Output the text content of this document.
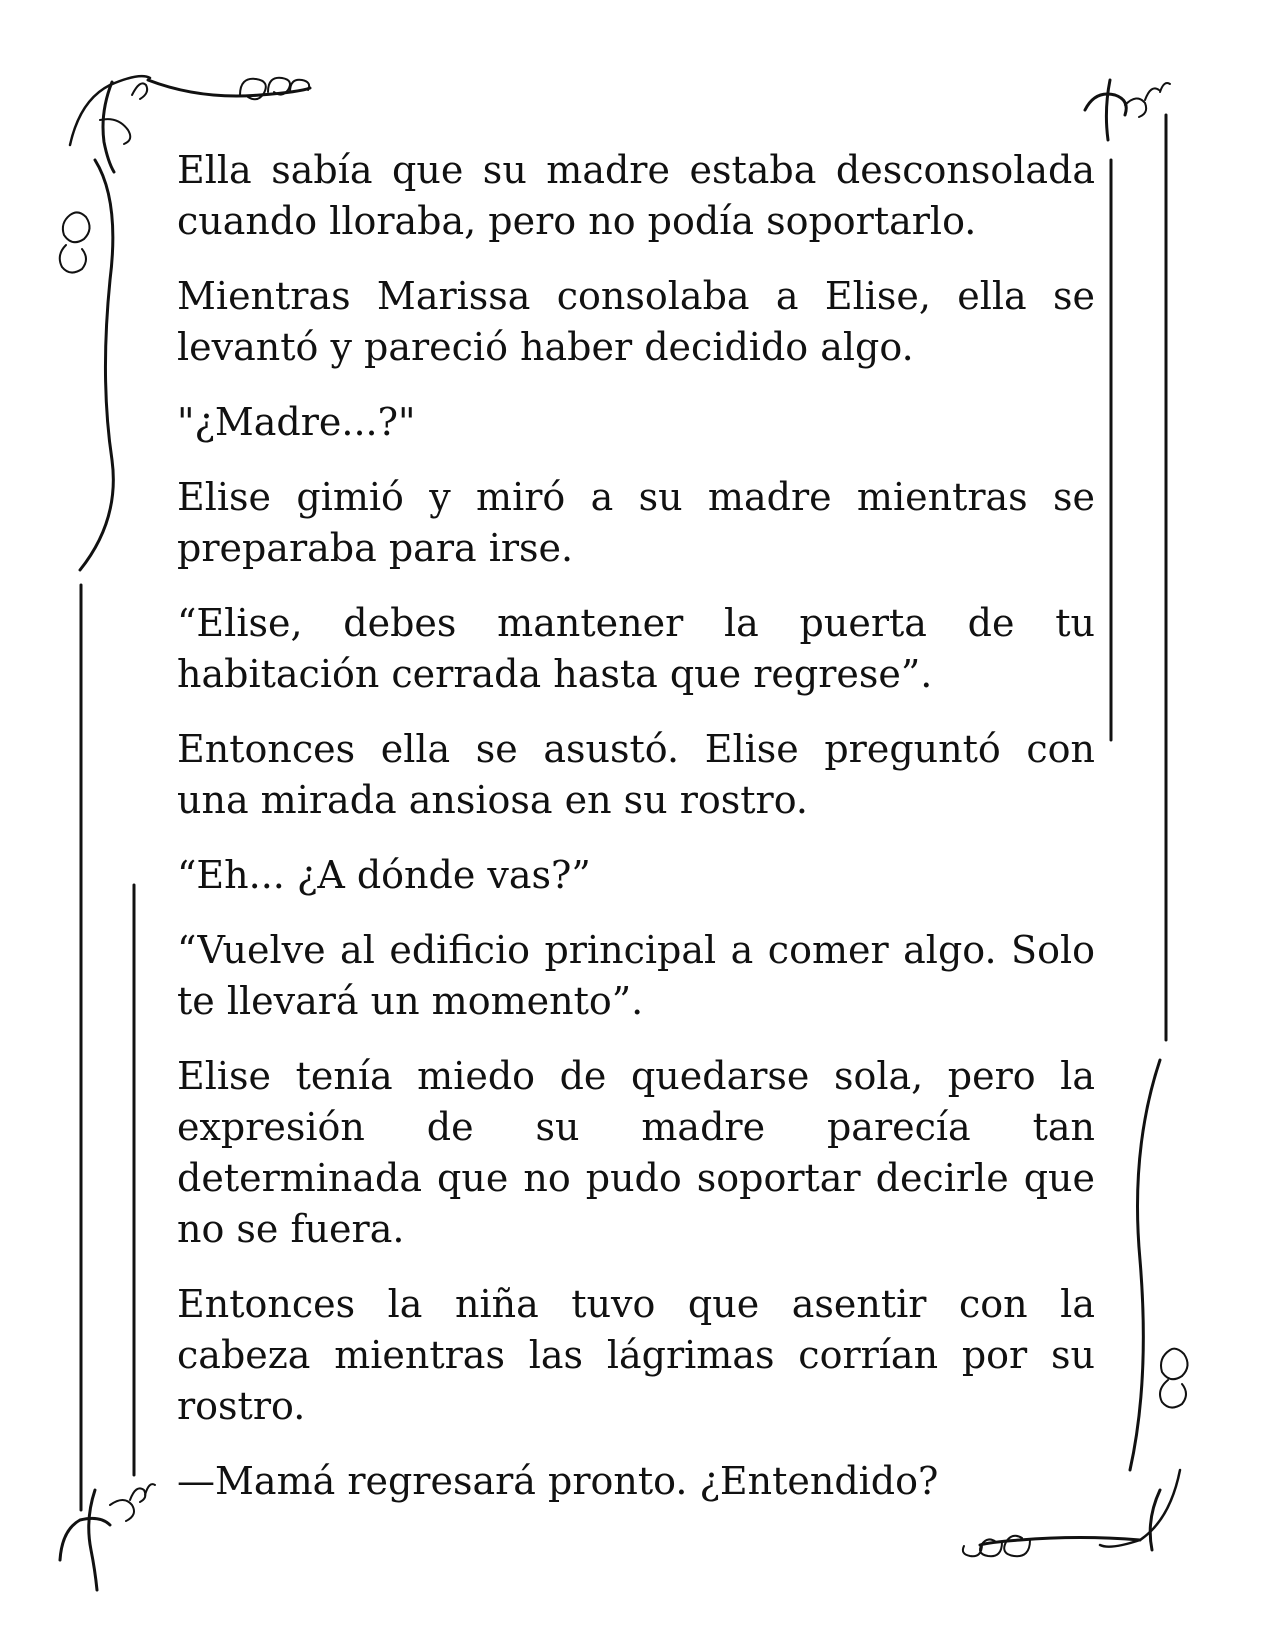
Ella sabía que su madre estaba desconsolada cuando lloraba, pero no podía soportarlo.

Mientras Marissa consolaba a Elise, ella se levantó y pareció haber decidido algo.

"¿Madre...?"

Elise gimió y miró a su madre mientras se preparaba para irse.

“Elise, debes mantener la puerta de tu habitación cerrada hasta que regrese”.

Entonces ella se asustó. Elise preguntó con una mirada ansiosa en su rostro.

“Eh... ¿A dónde vas?”

“Vuelve al edificio principal a comer algo. Solo te llevará un momento”.

Elise tenía miedo de quedarse sola, pero la expresión de su madre parecía tan determinada que no pudo soportar decirle que no se fuera.

Entonces la niña tuvo que asentir con la cabeza mientras las lágrimas corrían por su rostro.

—Mamá regresará pronto. ¿Entendido?
